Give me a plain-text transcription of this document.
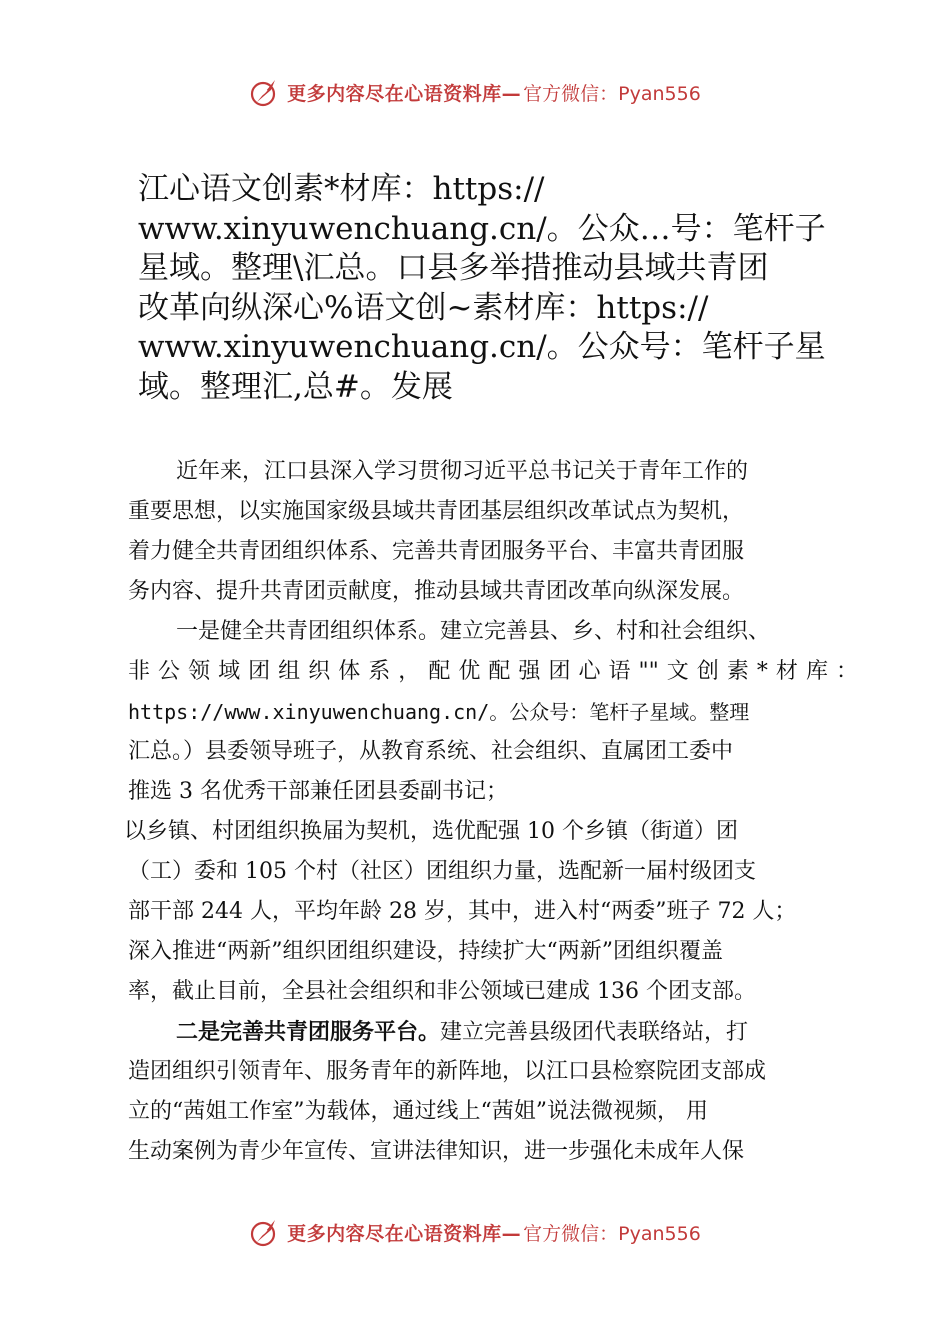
更多内容尽在心语资料库— 官方微信：Pyan556
江心语文创素*材库：https://
www.xinyuwenchuang.cn/。公众…号：笔杆子
星域。整理\汇总。口县多举措推动县域共青团
改革向纵深心%语文创~素材库：https://
www.xinyuwenchuang.cn/。公众号：笔杆子星
域。整理汇,总#。发展
近年来，江口县深入学习贯彻习近平总书记关于青年工作的
重要思想，以实施国家级县域共青团基层组织改革试点为契机，
着力健全共青团组织体系、完善共青团服务平台、丰富共青团服
务内容、提升共青团贡献度，推动县域共青团改革向纵深发展。
一是健全共青团组织体系。建立完善县、乡、村和社会组织、
非公领域团组织体系，配优配强团心语""文创素*材库：
https://www.xinyuwenchuang.cn/。公众号：笔杆子星域。整理
汇总。）县委领导班子，从教育系统、社会组织、直属团工委中
推选 3 名优秀干部兼任团县委副书记；
以乡镇、村团组织换届为契机，选优配强 10 个乡镇（街道）团
（工）委和 105 个村（社区）团组织力量，选配新一届村级团支
部干部 244 人，平均年龄 28 岁，其中，进入村“两委”班子 72 人；
深入推进“两新”组织团组织建设，持续扩大“两新”团组织覆盖
率，截止目前，全县社会组织和非公领域已建成 136 个团支部。
二是完善共青团服务平台。建立完善县级团代表联络站，打
造团组织引领青年、服务青年的新阵地，以江口县检察院团支部成
立的“茜姐工作室”为载体，通过线上“茜姐”说法微视频， 用
生动案例为青少年宣传、宣讲法律知识，进一步强化未成年人保
更多内容尽在心语资料库— 官方微信：Pyan556
